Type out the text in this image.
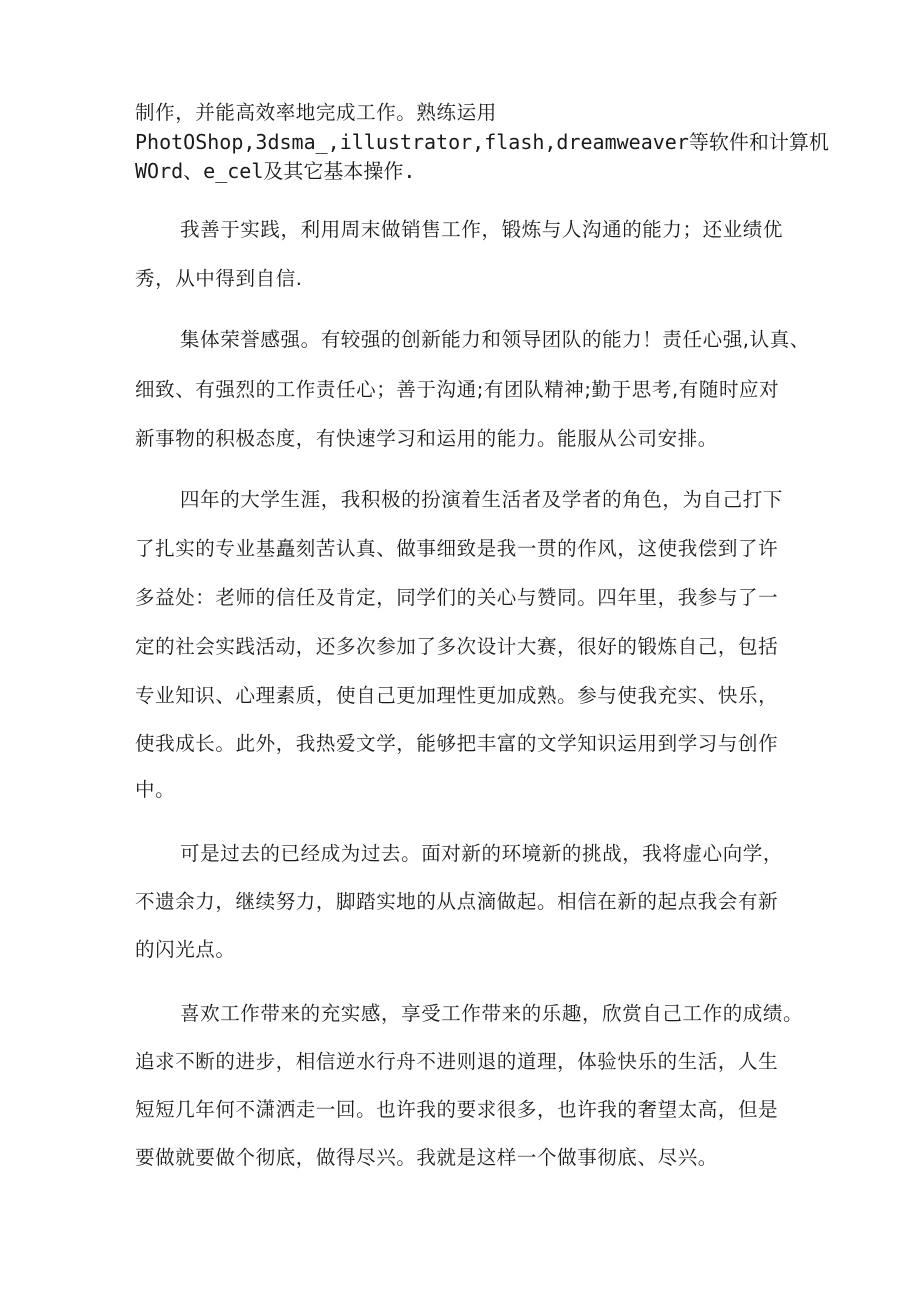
制作，并能高效率地完成工作。熟练运用
PhotOShop,3dsma_,illustrator,flash,dreamweaver等软件和计算机
WOrd、e_cel及其它基本操作.
我善于实践，利用周末做销售工作，锻炼与人沟通的能力；还业绩优
秀，从中得到自信.
集体荣誉感强。有较强的创新能力和领导团队的能力！责任心强,认真、
细致、有强烈的工作责任心；善于沟通;有团队精神;勤于思考,有随时应对
新事物的积极态度，有快速学习和运用的能力。能服从公司安排。
四年的大学生涯，我积极的扮演着生活者及学者的角色，为自己打下
了扎实的专业基矗刻苦认真、做事细致是我一贯的作风，这使我偿到了许
多益处：老师的信任及肯定，同学们的关心与赞同。四年里，我参与了一
定的社会实践活动，还多次参加了多次设计大赛，很好的锻炼自己，包括
专业知识、心理素质，使自己更加理性更加成熟。参与使我充实、快乐，
使我成长。此外，我热爱文学，能够把丰富的文学知识运用到学习与创作
中。
可是过去的已经成为过去。面对新的环境新的挑战，我将虚心向学，
不遗余力，继续努力，脚踏实地的从点滴做起。相信在新的起点我会有新
的闪光点。
喜欢工作带来的充实感，享受工作带来的乐趣，欣赏自己工作的成绩。
追求不断的进步，相信逆水行舟不进则退的道理，体验快乐的生活，人生
短短几年何不潇洒走一回。也许我的要求很多，也许我的奢望太高，但是
要做就要做个彻底，做得尽兴。我就是这样一个做事彻底、尽兴。
